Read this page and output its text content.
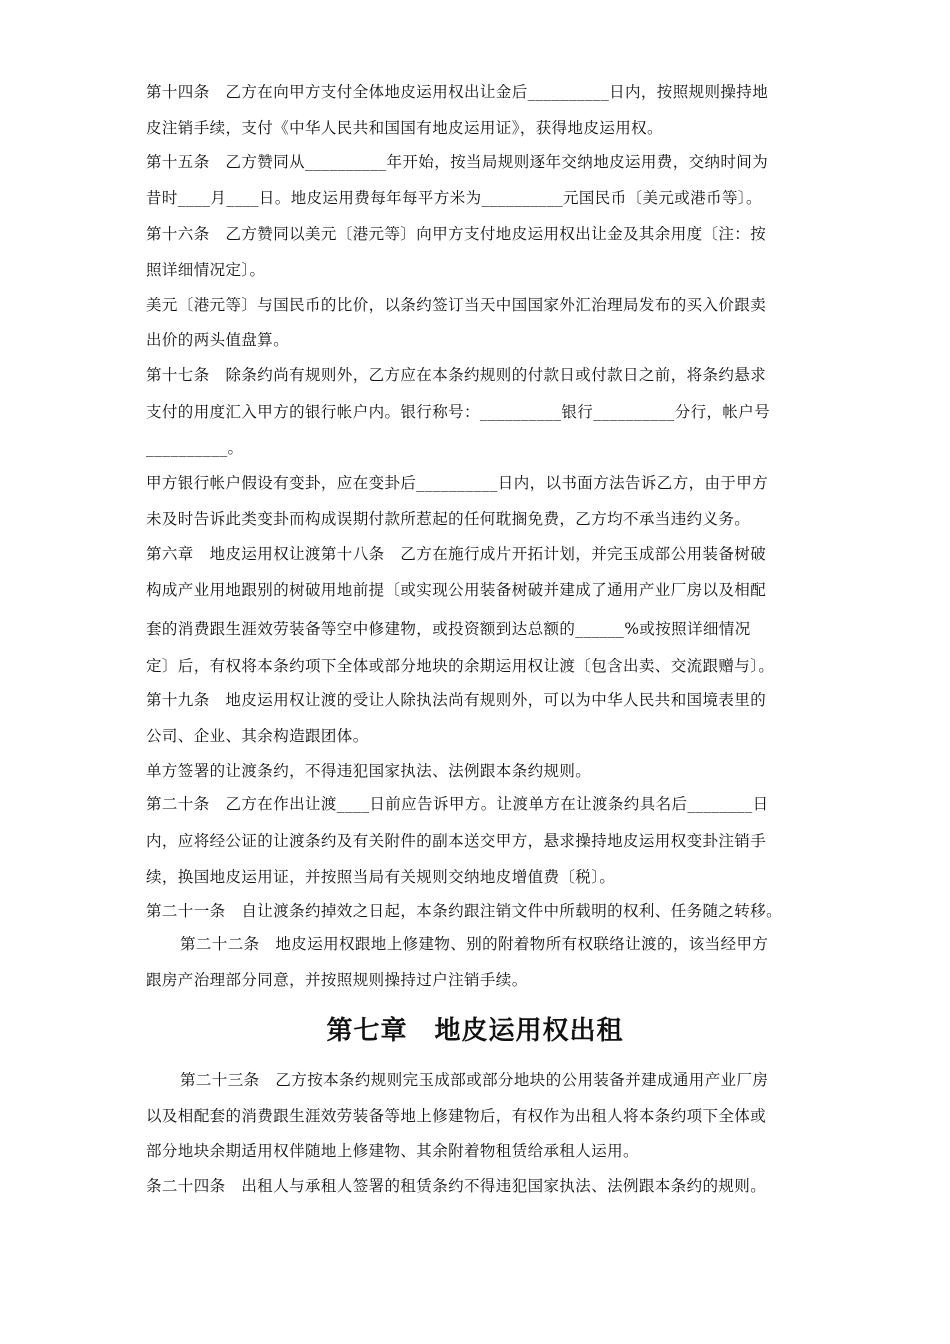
第十四条　乙方在向甲方支付全体地皮运用权出让金后__________日内，按照规则操持地
皮注销手续，支付《中华人民共和国国有地皮运用证》，获得地皮运用权。
第十五条　乙方赞同从__________年开始，按当局规则逐年交纳地皮运用费，交纳时间为
昔时____月____日。地皮运用费每年每平方米为__________元国民币〔美元或港币等〕。
第十六条　乙方赞同以美元〔港元等〕向甲方支付地皮运用权出让金及其余用度〔注：按
照详细情况定〕。
美元〔港元等〕与国民币的比价，以条约签订当天中国国家外汇治理局发布的买入价跟卖
出价的两头值盘算。
第十七条　除条约尚有规则外，乙方应在本条约规则的付款日或付款日之前，将条约悬求
支付的用度汇入甲方的银行帐户内。银行称号：__________银行__________分行，帐户号
__________。
甲方银行帐户假设有变卦，应在变卦后__________日内，以书面方法告诉乙方，由于甲方
未及时告诉此类变卦而构成误期付款所惹起的任何耽搁免费，乙方均不承当违约义务。
第六章　地皮运用权让渡第十八条　乙方在施行成片开拓计划，并完玉成部公用装备树破
构成产业用地跟别的树破用地前提〔或实现公用装备树破并建成了通用产业厂房以及相配
套的消费跟生涯效劳装备等空中修建物，或投资额到达总额的______%或按照详细情况
定〕后，有权将本条约项下全体或部分地块的余期运用权让渡〔包含出卖、交流跟赠与〕。
第十九条　地皮运用权让渡的受让人除执法尚有规则外，可以为中华人民共和国境表里的
公司、企业、其余构造跟团体。
单方签署的让渡条约，不得违犯国家执法、法例跟本条约规则。
第二十条　乙方在作出让渡____日前应告诉甲方。让渡单方在让渡条约具名后________日
内，应将经公证的让渡条约及有关附件的副本送交甲方，悬求操持地皮运用权变卦注销手
续，换国地皮运用证，并按照当局有关规则交纳地皮增值费〔税〕。
第二十一条　自让渡条约掉效之日起，本条约跟注销文件中所载明的权利、任务随之转移。
第二十二条　地皮运用权跟地上修建物、别的附着物所有权联络让渡的，该当经甲方
跟房产治理部分同意，并按照规则操持过户注销手续。
第七章　地皮运用权出租
第二十三条　乙方按本条约规则完玉成部或部分地块的公用装备并建成通用产业厂房
以及相配套的消费跟生涯效劳装备等地上修建物后，有权作为出租人将本条约项下全体或
部分地块余期适用权伴随地上修建物、其余附着物租赁给承租人运用。
条二十四条　出租人与承租人签署的租赁条约不得违犯国家执法、法例跟本条约的规则。
